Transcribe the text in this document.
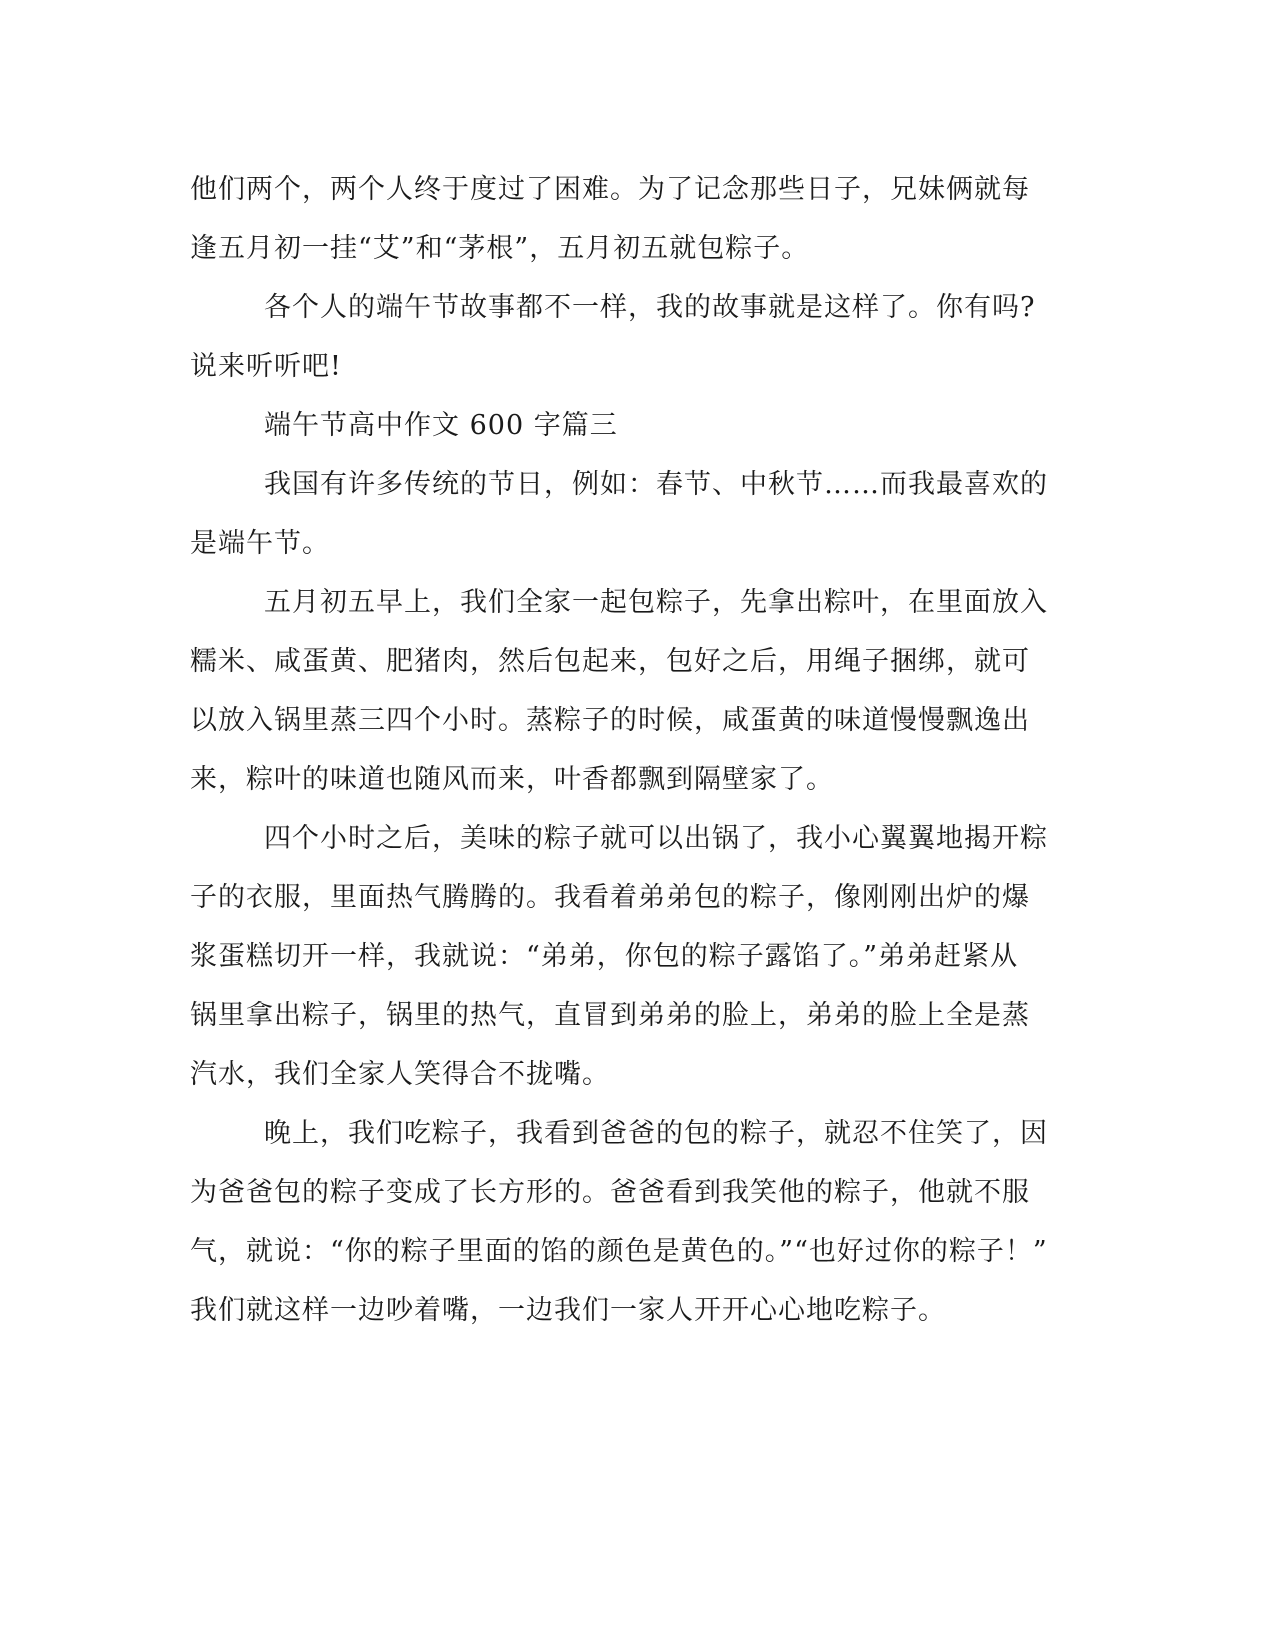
他们两个，两个人终于度过了困难。为了记念那些日子，兄妹俩就每
逢五月初一挂“艾”和“茅根”，五月初五就包粽子。

各个人的端午节故事都不一样，我的故事就是这样了。你有吗?
说来听听吧!

端午节高中作文 600 字篇三

我国有许多传统的节日，例如：春节、中秋节……而我最喜欢的
是端午节。

五月初五早上，我们全家一起包粽子，先拿出粽叶，在里面放入
糯米、咸蛋黄、肥猪肉，然后包起来，包好之后，用绳子捆绑，就可
以放入锅里蒸三四个小时。蒸粽子的时候，咸蛋黄的味道慢慢飘逸出
来，粽叶的味道也随风而来，叶香都飘到隔壁家了。

四个小时之后，美味的粽子就可以出锅了，我小心翼翼地揭开粽
子的衣服，里面热气腾腾的。我看着弟弟包的粽子，像刚刚出炉的爆
浆蛋糕切开一样，我就说：“弟弟，你包的粽子露馅了。”弟弟赶紧从
锅里拿出粽子，锅里的热气，直冒到弟弟的脸上，弟弟的脸上全是蒸
汽水，我们全家人笑得合不拢嘴。

晚上，我们吃粽子，我看到爸爸的包的粽子，就忍不住笑了，因
为爸爸包的粽子变成了长方形的。爸爸看到我笑他的粽子，他就不服
气，就说：“你的粽子里面的馅的颜色是黄色的。”“也好过你的粽子！”
我们就这样一边吵着嘴，一边我们一家人开开心心地吃粽子。
